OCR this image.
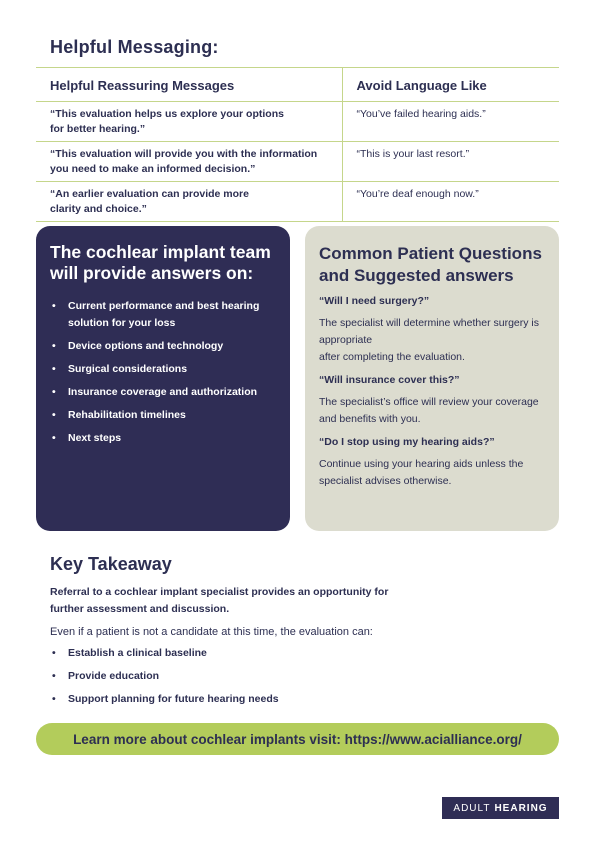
Helpful Messaging:
Helpful Reassuring Messages	Avoid Language Like
“This evaluation helps us explore your options
for better hearing.”	“You’ve failed hearing aids.”
“This evaluation will provide you with the information
you need to make an informed decision.”	“This is your last resort.”
“An earlier evaluation can provide more
clarity and choice.”	“You’re deaf enough now.”
The cochlear implant team will provide answers on:
• Current performance and best hearing solution for your loss
• Device options and technology
• Surgical considerations
• Insurance coverage and authorization
• Rehabilitation timelines
• Next steps
Common Patient Questions and Suggested answers
“Will I need surgery?”
The specialist will determine whether surgery is appropriate
after completing the evaluation.
“Will insurance cover this?”
The specialist’s office will review your coverage and benefits with you.
“Do I stop using my hearing aids?”
Continue using your hearing aids unless the specialist advises otherwise.
Key Takeaway

Referral to a cochlear implant specialist provides an opportunity for further assessment and discussion.

Even if a patient is not a candidate at this time, the evaluation can:

• Establish a clinical baseline
• Provide education
• Support planning for future hearing needs
Learn more about cochlear implants visit: https://www.acialliance.org/
ADULT HEARING
